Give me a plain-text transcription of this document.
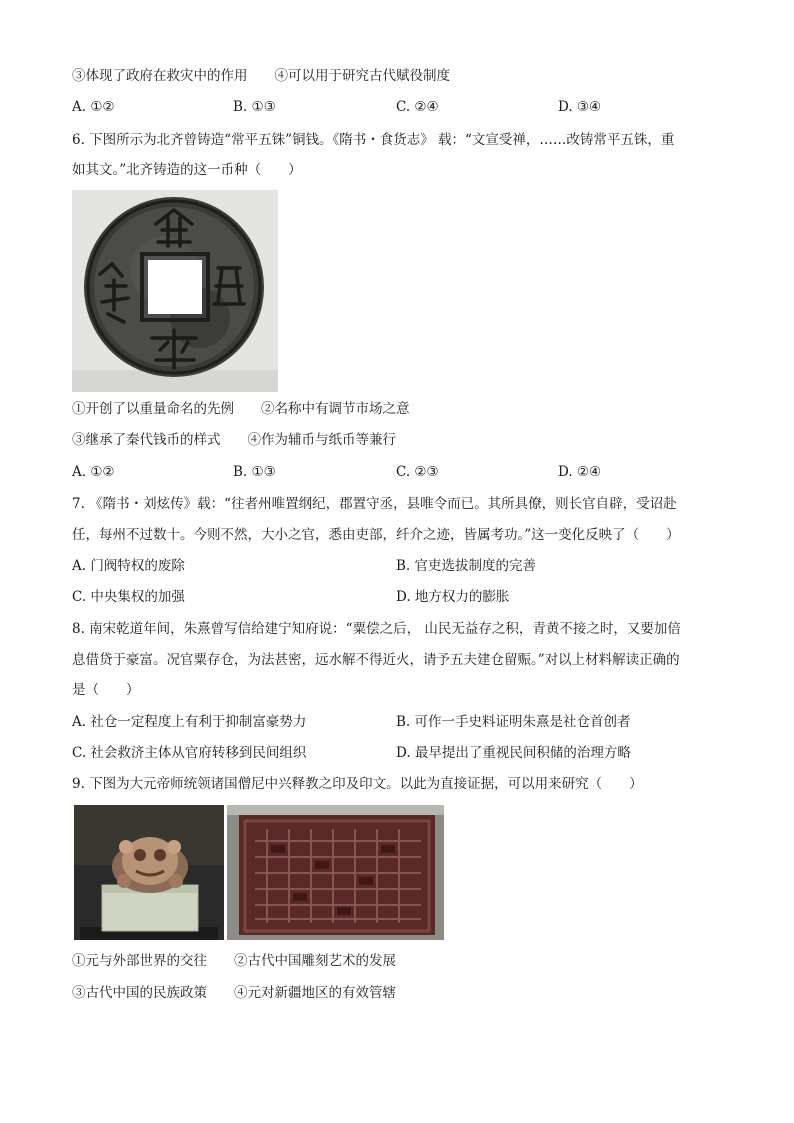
③体现了政府在救灾中的作用　　④可以用于研究古代赋役制度
A. ①②	B. ①③	C. ②④	D. ③④
6. 下图所示为北齐曾铸造“常平五铢”铜钱。《隋书・食货志》 载：“文宣受禅，……改铸常平五铢，重
如其文。”北齐铸造的这一币种（　　）
①开创了以重量命名的先例　　②名称中有调节市场之意
③继承了秦代钱币的样式　　④作为辅币与纸币等兼行
A. ①②	B. ①③	C. ②③	D. ②④
7. 《隋书・刘炫传》载：“往者州唯置纲纪，郡置守丞，县唯令而已。其所具僚，则长官自辟，受诏赴
任，每州不过数十。今则不然，大小之官，悉由吏部，纤介之迹，皆属考功。”这一变化反映了（　　）
A. 门阀特权的废除	B. 官吏选拔制度的完善
C. 中央集权的加强	D. 地方权力的膨胀
8. 南宋乾道年间，朱熹曾写信给建宁知府说：“粟偿之后， 山民无益存之积，青黄不接之时，又要加倍
息借贷于豪富。况官粟存仓，为法甚密，远水解不得近火，请予五夫建仓留赈。”对以上材料解读正确的
是（　　）
A. 社仓一定程度上有利于抑制富豪势力	B. 可作一手史料证明朱熹是社仓首创者
C. 社会救济主体从官府转移到民间组织	D. 最早提出了重视民间积储的治理方略
9. 下图为大元帝师统领诸国僧尼中兴释教之印及印文。以此为直接证据，可以用来研究（　　）
①元与外部世界的交往　　②古代中国雕刻艺术的发展
③古代中国的民族政策　　④元对新疆地区的有效管辖
